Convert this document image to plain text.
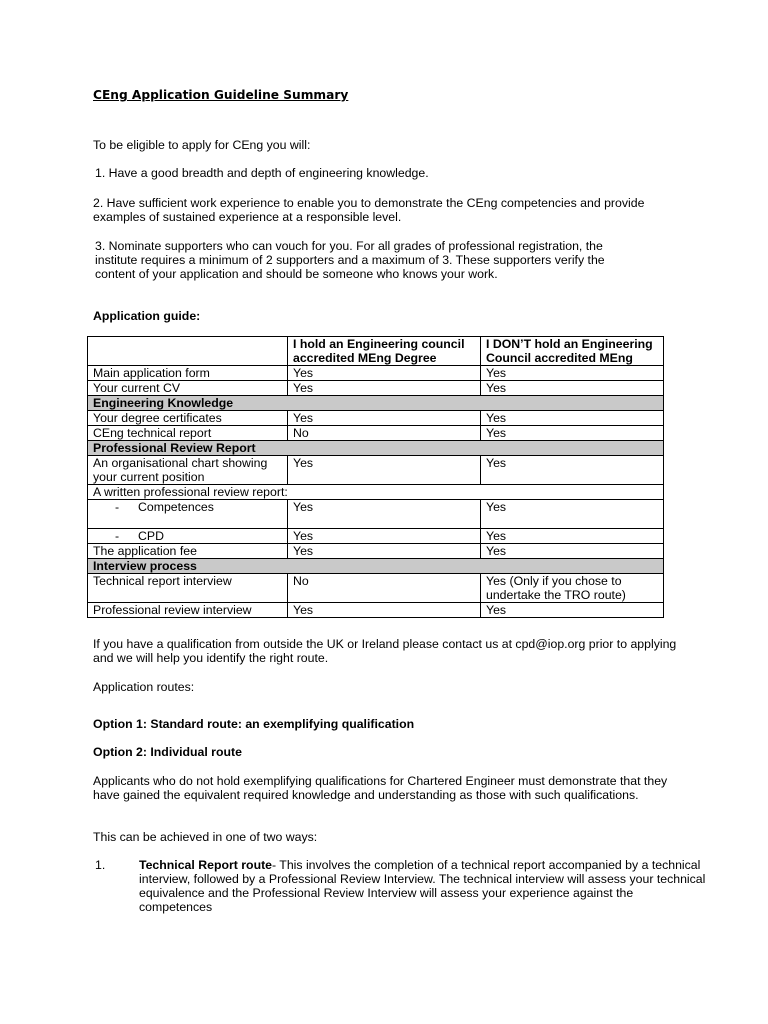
CEng Application Guideline Summary

To be eligible to apply for CEng you will:

1. Have a good breadth and depth of engineering knowledge.

2. Have sufficient work experience to enable you to demonstrate the CEng competencies and provide examples of sustained experience at a responsible level.

3. Nominate supporters who can vouch for you. For all grades of professional registration, the institute requires a minimum of 2 supporters and a maximum of 3. These supporters verify the content of your application and should be someone who knows your work.

Application guide:

	I hold an Engineering council accredited MEng Degree	I DON’T hold an Engineering Council accredited MEng
Main application form	Yes	Yes
Your current CV	Yes	Yes
Engineering Knowledge		
Your degree certificates	Yes	Yes
CEng technical report	No	Yes
Professional Review Report		
An organisational chart showing your current position	Yes	Yes
A written professional review report:		
- Competences	Yes	Yes
- CPD	Yes	Yes
The application fee	Yes	Yes
Interview process		
Technical report interview	No	Yes (Only if you chose to undertake the TRO route)
Professional review interview	Yes	Yes

If you have a qualification from outside the UK or Ireland please contact us at cpd@iop.org prior to applying and we will help you identify the right route.

Application routes:

Option 1: Standard route: an exemplifying qualification

Option 2: Individual route

Applicants who do not hold exemplifying qualifications for Chartered Engineer must demonstrate that they have gained the equivalent required knowledge and understanding as those with such qualifications.

This can be achieved in one of two ways:

1.	Technical Report route- This involves the completion of a technical report accompanied by a technical interview, followed by a Professional Review Interview. The technical interview will assess your technical equivalence and the Professional Review Interview will assess your experience against the competences
